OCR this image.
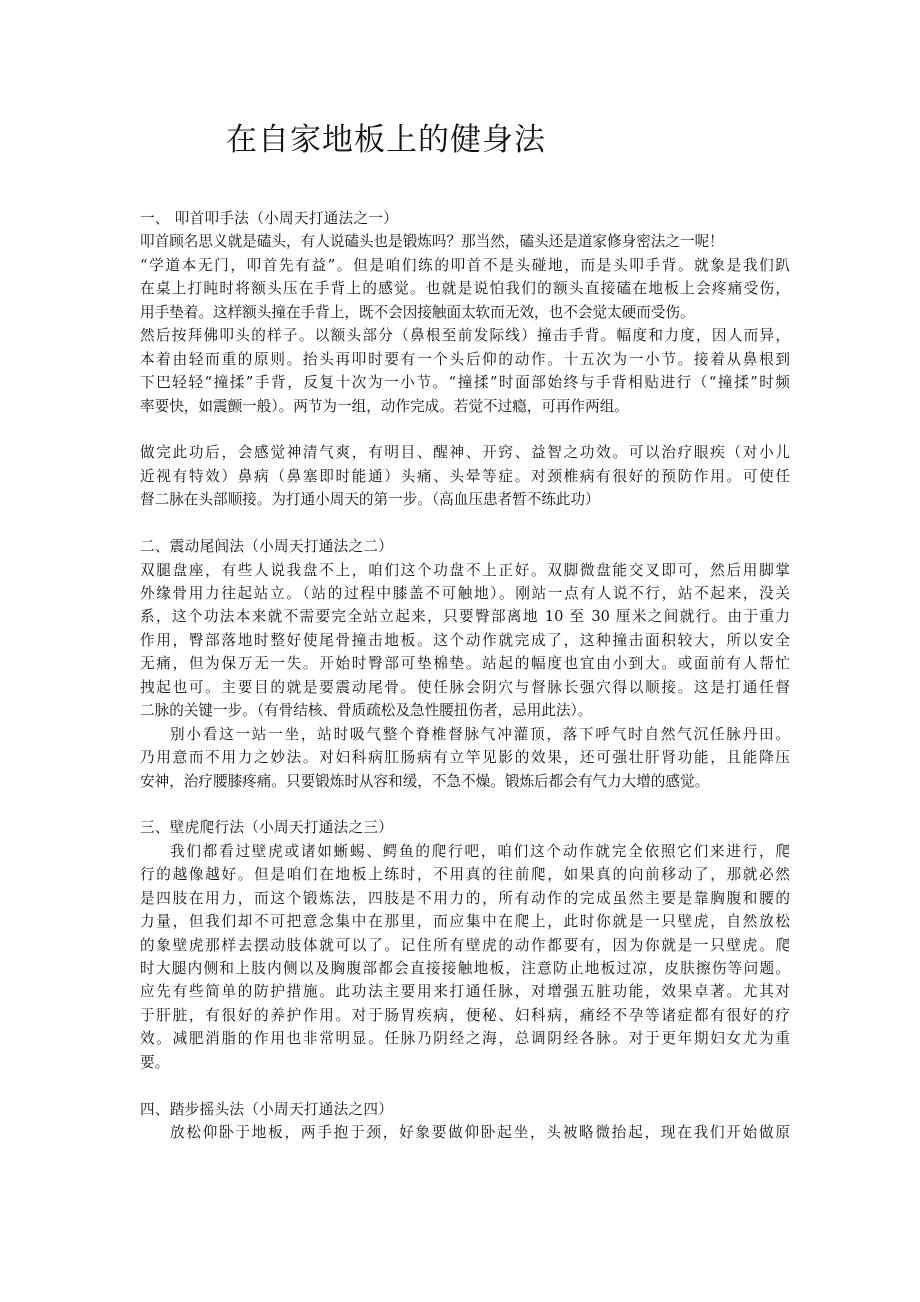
在自家地板上的健身法
一、 叩首叩手法（小周天打通法之一）
叩首顾名思义就是磕头，有人说磕头也是锻炼吗？那当然，磕头还是道家修身密法之一呢！
“学道本无门，叩首先有益”。但是咱们练的叩首不是头碰地，而是头叩手背。就象是我们趴
在桌上打盹时将额头压在手背上的感觉。也就是说怕我们的额头直接磕在地板上会疼痛受伤，
用手垫着。这样额头撞在手背上，既不会因接触面太软而无效，也不会觉太硬而受伤。
然后按拜佛叩头的样子。以额头部分（鼻根至前发际线）撞击手背。幅度和力度，因人而异，
本着由轻而重的原则。抬头再叩时要有一个头后仰的动作。十五次为一小节。接着从鼻根到
下巴轻轻“撞揉”手背，反复十次为一小节。“撞揉”时面部始终与手背相贴进行（“撞揉”时频
率要快，如震颤一般）。两节为一组，动作完成。若觉不过瘾，可再作两组。
做完此功后，会感觉神清气爽，有明目、醒神、开窍、益智之功效。可以治疗眼疾（对小儿
近视有特效）鼻病（鼻塞即时能通）头痛、头晕等症。对颈椎病有很好的预防作用。可使任
督二脉在头部顺接。为打通小周天的第一步。（高血压患者暂不练此功）
二、震动尾闾法（小周天打通法之二）
双腿盘座，有些人说我盘不上，咱们这个功盘不上正好。双脚微盘能交叉即可，然后用脚掌
外缘骨用力往起站立。（站的过程中膝盖不可触地）。刚站一点有人说不行，站不起来，没关
系，这个功法本来就不需要完全站立起来，只要臀部离地 10 至 30 厘米之间就行。由于重力
作用，臀部落地时整好使尾骨撞击地板。这个动作就完成了，这种撞击面积较大，所以安全
无痛，但为保万无一失。开始时臀部可垫棉垫。站起的幅度也宜由小到大。或面前有人帮忙
拽起也可。主要目的就是要震动尾骨。使任脉会阴穴与督脉长强穴得以顺接。这是打通任督
二脉的关键一步。（有骨结核、骨质疏松及急性腰扭伤者，忌用此法）。
别小看这一站一坐，站时吸气整个脊椎督脉气冲灌顶，落下呼气时自然气沉任脉丹田。
乃用意而不用力之妙法。对妇科病肛肠病有立竿见影的效果，还可强壮肝肾功能，且能降压
安神，治疗腰膝疼痛。只要锻炼时从容和缓，不急不燥。锻炼后都会有气力大增的感觉。
三、壁虎爬行法（小周天打通法之三）
我们都看过壁虎或诸如蜥蜴、鳄鱼的爬行吧，咱们这个动作就完全依照它们来进行，爬
行的越像越好。但是咱们在地板上练时，不用真的往前爬，如果真的向前移动了，那就必然
是四肢在用力，而这个锻炼法，四肢是不用力的，所有动作的完成虽然主要是靠胸腹和腰的
力量，但我们却不可把意念集中在那里，而应集中在爬上，此时你就是一只壁虎，自然放松
的象壁虎那样去摆动肢体就可以了。记住所有壁虎的动作都要有，因为你就是一只壁虎。爬
时大腿内侧和上肢内侧以及胸腹部都会直接接触地板，注意防止地板过凉，皮肤擦伤等问题。
应先有些简单的防护措施。此功法主要用来打通任脉，对增强五脏功能，效果卓著。尤其对
于肝脏，有很好的养护作用。对于肠胃疾病，便秘、妇科病，痛经不孕等诸症都有很好的疗
效。减肥消脂的作用也非常明显。任脉乃阴经之海，总调阴经各脉。对于更年期妇女尤为重
要。
四、踏步摇头法（小周天打通法之四）
放松仰卧于地板，两手抱于颈，好象要做仰卧起坐，头被略微抬起，现在我们开始做原
